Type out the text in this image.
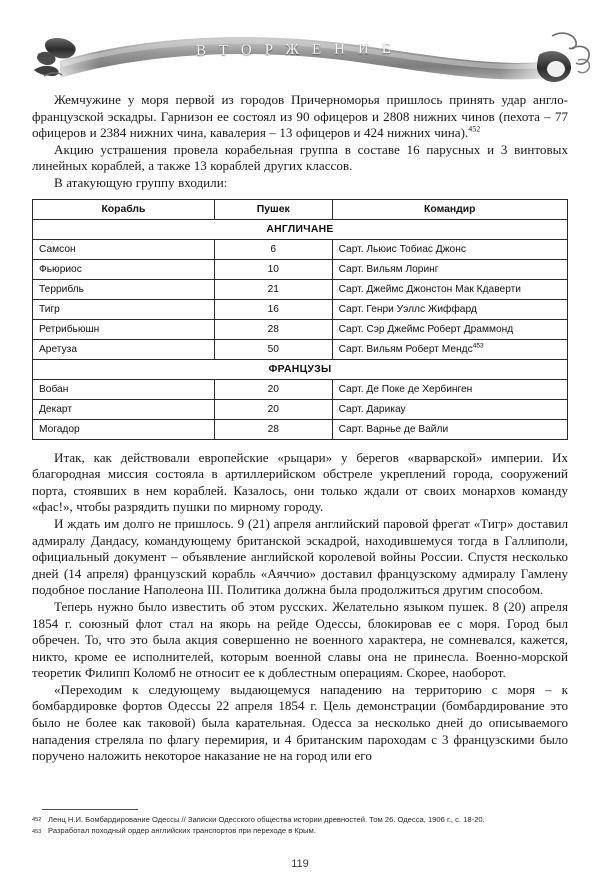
ВТОРЖЕНИЕ

Жемчужине у моря первой из городов Причерноморья пришлось принять удар англо-французской эскадры. Гарнизон ее состоял из 90 офицеров и 2808 нижних чинов (пехота – 77 офицеров и 2384 нижних чина, кавалерия – 13 офицеров и 424 нижних чина).$^{452}$

Акцию устрашения провела корабельная группа в составе 16 парусных и 3 винтовых линейных кораблей, а также 13 кораблей других классов.

В атакующую группу входили:

Корабль	Пушек	Командир
АНГЛИЧАНЕ		
Самсон	6	Сарт. Льюис Тобиас Джонс
Фьюриос	10	Сарт. Вильям Лоринг
Террибль	21	Сарт. Джеймс Джонстон Мак Кдаверти
Тигр	16	Сарт. Генри Уэллс Жиффард
Ретрибьюшн	28	Сарт. Сэр Джеймс Роберт Драммонд
Аретуза	50	Сарт. Вильям Роберт Мендс$^{453}$
ФРАНЦУЗЫ		
Вобан	20	Сарт. Де Поке де Хербинген
Декарт	20	Сарт. Дарикау
Могадор	28	Сарт. Варнье де Вайли

Итак, как действовали европейские «рыцари» у берегов «варварской» империи. Их благородная миссия состояла в артиллерийском обстреле укреплений города, сооружений порта, стоявших в нем кораблей. Казалось, они только ждали от своих монархов команду «фас!», чтобы разрядить пушки по мирному городу.

И ждать им долго не пришлось. 9 (21) апреля английский паровой фрегат «Тигр» доставил адмиралу Дандасу, командующему британской эскадрой, находившемуся тогда в Галлиполи, официальный документ – объявление английской королевой войны России. Спустя несколько дней (14 апреля) французский корабль «Аяччио» доставил французскому адмиралу Гамлену подобное послание Наполеона III. Политика должна была продолжиться другим способом.

Теперь нужно было известить об этом русских. Желательно языком пушек. 8 (20) апреля 1854 г. союзный флот стал на якорь на рейде Одессы, блокировав ее с моря. Город был обречен. То, что это была акция совершенно не военного характера, не сомневался, кажется, никто, кроме ее исполнителей, которым военной славы она не принесла. Военно-морской теоретик Филипп Коломб не относит ее к доблестным операциям. Скорее, наоборот.

«Переходим к следующему выдающемуся нападению на территорию с моря – к бомбардировке фортов Одессы 22 апреля 1854 г. Цель демонстрации (бомбардирование это было не более как таковой) была карательная. Одесса за несколько дней до описываемого нападения стреляла по флагу перемирия, и 4 британским пароходам с 3 французскими было поручено наложить некоторое наказание не на город или его

452 Ленц Н.И. Бомбардирование Одессы // Записки Одесского общества истории древностей. Том 26. Одесса, 1906 г., с. 18-20.
453 Разработал походный ордер английских транспортов при переходе в Крым.
119
